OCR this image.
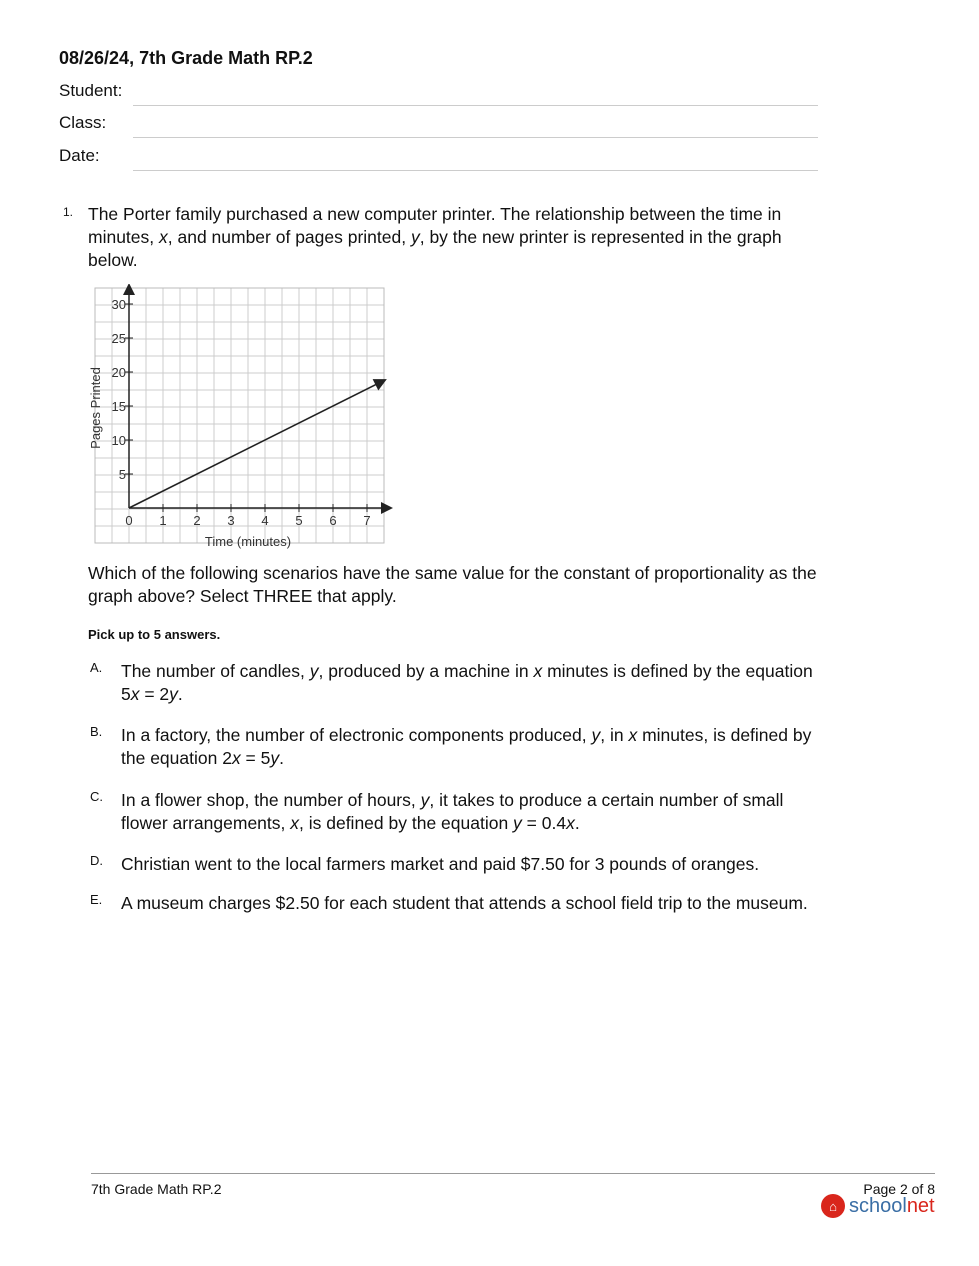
08/26/24, 7th Grade Math RP.2
Student:
Class:
Date:
1. The Porter family purchased a new computer printer. The relationship between the time in minutes, x, and number of pages printed, y, by the new printer is represented in the graph below.
0 1 2 3 4 5 6 7
5
10
15
20
25
30
Time (minutes)
Pages Printed
Which of the following scenarios have the same value for the constant of proportionality as the graph above? Select THREE that apply.
Pick up to 5 answers.
A. The number of candles, y, produced by a machine in x minutes is defined by the equation 5x = 2y.
B. In a factory, the number of electronic components produced, y, in x minutes, is defined by the equation 2x = 5y.
C. In a flower shop, the number of hours, y, it takes to produce a certain number of small flower arrangements, x, is defined by the equation y = 0.4x.
D. Christian went to the local farmers market and paid $7.50 for 3 pounds of oranges.
E. A museum charges $2.50 for each student that attends a school field trip to the museum.
7th Grade Math RP.2	Page 2 of 8
⌂ schoolnet
